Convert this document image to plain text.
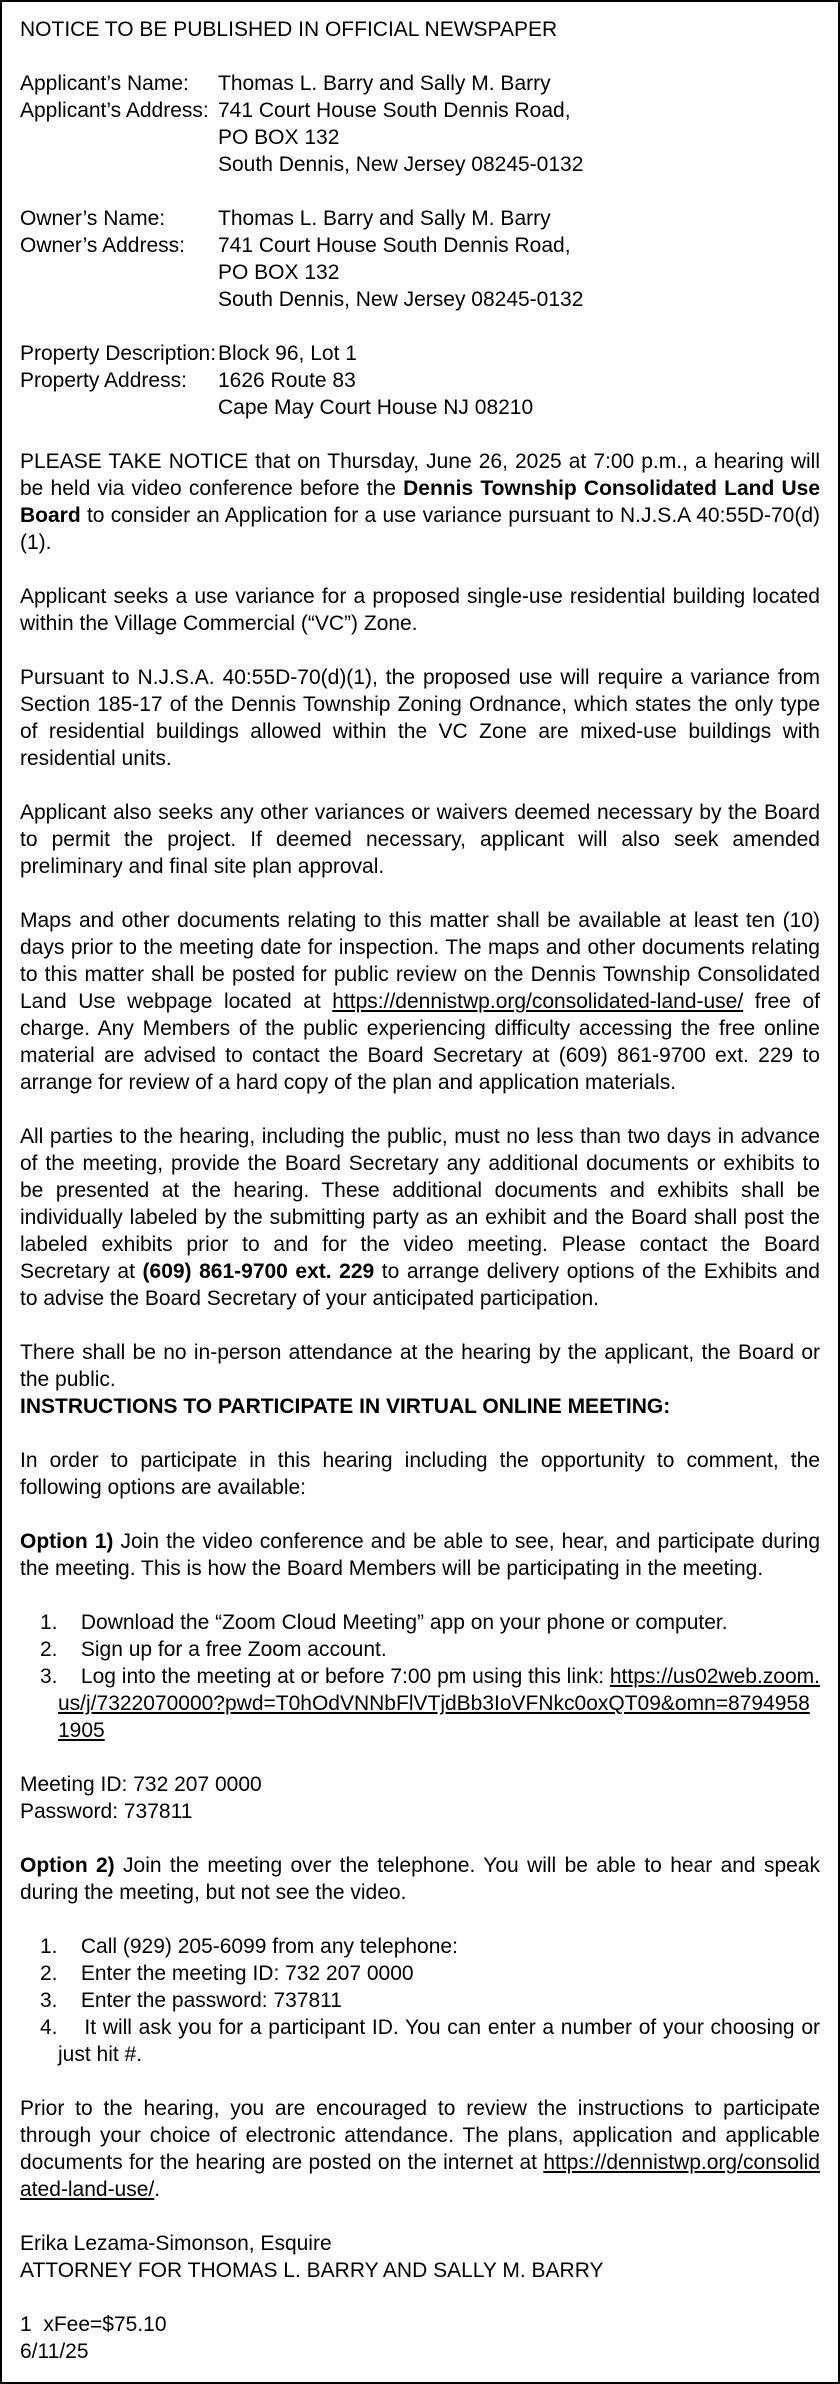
NOTICE TO BE PUBLISHED IN OFFICIAL NEWSPAPER
Applicant’s Name:	Thomas L. Barry and Sally M. Barry
Applicant’s Address: 741 Court House South Dennis Road,
PO BOX 132
South Dennis, New Jersey 08245-0132
Owner’s Name:	Thomas L. Barry and Sally M. Barry
Owner’s Address:	741 Court House South Dennis Road,
PO BOX 132
South Dennis, New Jersey 08245-0132
Property Description: Block 96, Lot 1
Property Address:	1626 Route 83
Cape May Court House NJ 08210

PLEASE TAKE NOTICE that on Thursday, June 26, 2025 at 7:00 p.m., a hearing will be held via video conference before the Dennis Township Consolidated Land Use Board to consider an Application for a use variance pursuant to N.J.S.A 40:55D-70(d)(1).

Applicant seeks a use variance for a proposed single-use residential building located within the Village Commercial (“VC”) Zone.

Pursuant to N.J.S.A. 40:55D-70(d)(1), the proposed use will require a variance from Section 185-17 of the Dennis Township Zoning Ordnance, which states the only type of residential buildings allowed within the VC Zone are mixed-use buildings with residential units.

Applicant also seeks any other variances or waivers deemed necessary by the Board to permit the project. If deemed necessary, applicant will also seek amended preliminary and final site plan approval.

Maps and other documents relating to this matter shall be available at least ten (10) days prior to the meeting date for inspection. The maps and other documents relating to this matter shall be posted for public review on the Dennis Township Consolidated Land Use webpage located at https://dennistwp.org/consolidated-land-use/ free of charge. Any Members of the public experiencing difficulty accessing the free online material are advised to contact the Board Secretary at (609) 861-9700 ext. 229 to arrange for review of a hard copy of the plan and application materials.

All parties to the hearing, including the public, must no less than two days in advance of the meeting, provide the Board Secretary any additional documents or exhibits to be presented at the hearing. These additional documents and exhibits shall be individually labeled by the submitting party as an exhibit and the Board shall post the labeled exhibits prior to and for the video meeting. Please contact the Board Secretary at (609) 861-9700 ext. 229 to arrange delivery options of the Exhibits and to advise the Board Secretary of your anticipated participation.

There shall be no in-person attendance at the hearing by the applicant, the Board or the public.

INSTRUCTIONS TO PARTICIPATE IN VIRTUAL ONLINE MEETING:

In order to participate in this hearing including the opportunity to comment, the following options are available:

Option 1) Join the video conference and be able to see, hear, and participate during the meeting. This is how the Board Members will be participating in the meeting.

1.    Download the “Zoom Cloud Meeting” app on your phone or computer.
2.    Sign up for a free Zoom account.
3.    Log into the meeting at or before 7:00 pm using this link: https://us02web.zoom.us/j/7322070000?pwd=T0hOdVNNbFlVTjdBb3IoVFNkc0oxQT09&omn=87949581905
Meeting ID: 732 207 0000
Password: 737811

Option 2) Join the meeting over the telephone. You will be able to hear and speak during the meeting, but not see the video.

1.    Call (929) 205-6099 from any telephone:
2.    Enter the meeting ID: 732 207 0000
3.    Enter the password: 737811
4.    It will ask you for a participant ID. You can enter a number of your choosing or just hit #.

Prior to the hearing, you are encouraged to review the instructions to participate through your choice of electronic attendance. The plans, application and applicable documents for the hearing are posted on the internet at https://dennistwp.org/consolidated-land-use/.

Erika Lezama-Simonson, Esquire
ATTORNEY FOR THOMAS L. BARRY AND SALLY M. BARRY
1  xFee=$75.10
6/11/25
